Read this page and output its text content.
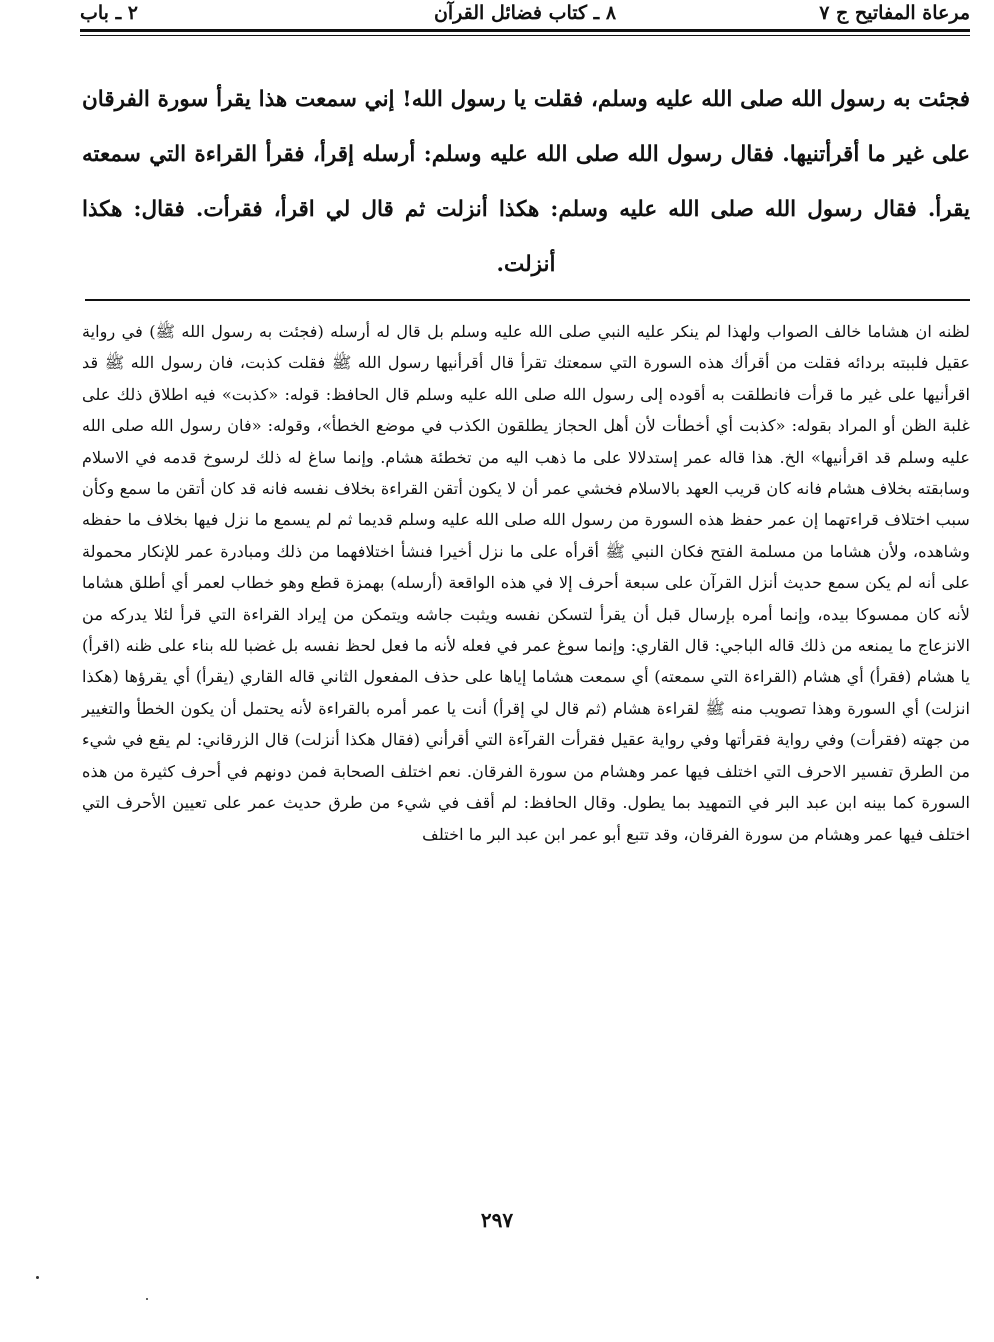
مرعاة المفاتيح ج ٧
٨ ـ كتاب فضائل القرآن
٢ ـ باب

فجئت به رسول الله صلى الله عليه وسلم، فقلت يا رسول الله! إني سمعت هذا يقرأ سورة الفرقان على غير ما أقرأتنيها. فقال رسول الله صلى الله عليه وسلم: أرسله إقرأ، فقرأ القراءة التي سمعته يقرأ. فقال رسول الله صلى الله عليه وسلم: هكذا أنزلت ثم قال لي اقرأ، فقرأت. فقال: هكذا أنزلت.

لظنه ان هشاما خالف الصواب ولهذا لم ينكر عليه النبي صلى الله عليه وسلم بل قال له أرسله (فجئت به رسول الله ﷺ) في رواية عقيل فلببته بردائه فقلت من أقرأك هذه السورة التي سمعتك تقرأ قال أقرأنيها رسول الله ﷺ فقلت كذبت، فان رسول الله ﷺ قد اقرأنيها على غير ما قرأت فانطلقت به أقوده إلى رسول الله صلى الله عليه وسلم قال الحافظ: قوله: «كذبت» فيه اطلاق ذلك على غلبة الظن أو المراد بقوله: «كذبت أي أخطأت لأن أهل الحجاز يطلقون الكذب في موضع الخطأ»، وقوله: «فان رسول الله صلى الله عليه وسلم قد اقرأنيها» الخ. هذا قاله عمر إستدلالا على ما ذهب اليه من تخطئة هشام. وإنما ساغ له ذلك لرسوخ قدمه في الاسلام وسابقته بخلاف هشام فانه كان قريب العهد بالاسلام فخشي عمر أن لا يكون أتقن القراءة بخلاف نفسه فانه قد كان أتقن ما سمع وكأن سبب اختلاف قراءتهما إن عمر حفظ هذه السورة من رسول الله صلى الله عليه وسلم قديما ثم لم يسمع ما نزل فيها بخلاف ما حفظه وشاهده، ولأن هشاما من مسلمة الفتح فكان النبي ﷺ أقرأه على ما نزل أخيرا فنشأ اختلافهما من ذلك ومبادرة عمر للإنكار محمولة على أنه لم يكن سمع حديث أنزل القرآن على سبعة أحرف إلا في هذه الواقعة (أرسله) بهمزة قطع وهو خطاب لعمر أي أطلق هشاما لأنه كان ممسوكا بيده، وإنما أمره بإرسال قبل أن يقرأ لتسكن نفسه ويثبت جاشه ويتمكن من إيراد القراءة التي قرأ لئلا يدركه من الانزعاج ما يمنعه من ذلك قاله الباجي: قال القاري: وإنما سوغ عمر في فعله لأنه ما فعل لحظ نفسه بل غضبا لله بناء على ظنه (اقرأ) يا هشام (فقرأ) أي هشام (القراءة التي سمعته) أي سمعت هشاما إياها على حذف المفعول الثاني قاله القاري (يقرأ) أي يقرؤها (هكذا انزلت) أي السورة وهذا تصويب منه ﷺ لقراءة هشام (ثم قال لي إقرأ) أنت يا عمر أمره بالقراءة لأنه يحتمل أن يكون الخطأ والتغيير من جهته (فقرأت) وفي رواية فقرأتها وفي رواية عقيل فقرأت القرآءة التي أقرأني (فقال هكذا أنزلت) قال الزرقاني: لم يقع في شيء من الطرق تفسير الاحرف التي اختلف فيها عمر وهشام من سورة الفرقان. نعم اختلف الصحابة فمن دونهم في أحرف كثيرة من هذه السورة كما بينه ابن عبد البر في التمهيد بما يطول. وقال الحافظ: لم أقف في شيء من طرق حديث عمر على تعيين الأحرف التي اختلف فيها عمر وهشام من سورة الفرقان، وقد تتبع أبو عمر ابن عبد البر ما اختلف

٢٩٧
